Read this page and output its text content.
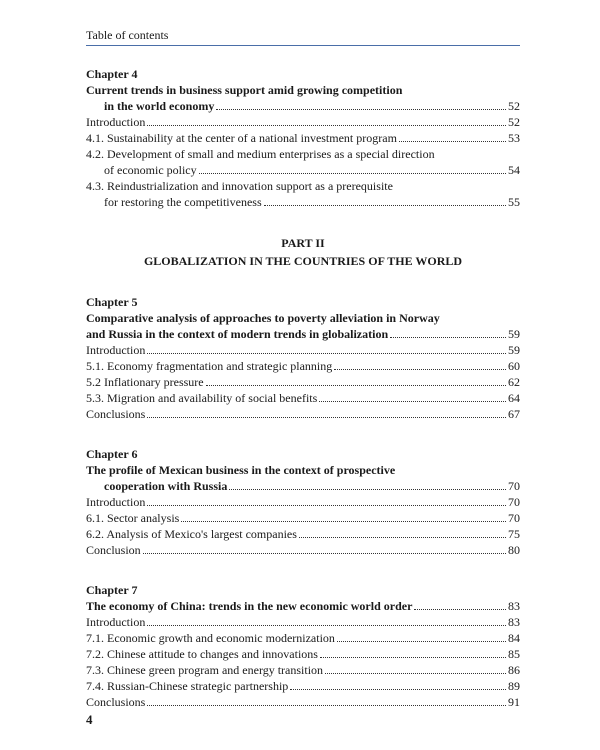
Table of contents
Chapter 4
Current trends in business support amid growing competition
in the world economy	52
Introduction	52
4.1. Sustainability at the center of a national investment program	53
4.2. Development of small and medium enterprises as a special direction
of economic policy	54
4.3. Reindustrialization and innovation support as a prerequisite
for restoring the competitiveness	55
PART II
GLOBALIZATION IN THE COUNTRIES OF THE WORLD
Chapter 5
Comparative analysis of approaches to poverty alleviation in Norway
and Russia in the context of modern trends in globalization	59
Introduction	59
5.1. Economy fragmentation and strategic planning	60
5.2 Inflationary pressure	62
5.3. Migration and availability of social benefits	64
Conclusions	67
Chapter 6
The profile of Mexican business in the context of prospective
cooperation with Russia	70
Introduction	70
6.1. Sector analysis	70
6.2. Analysis of Mexico's largest companies	75
Conclusion	80
Chapter 7
The economy of China: trends in the new economic world order	83
Introduction	83
7.1. Economic growth and economic modernization	84
7.2. Chinese attitude to changes and innovations	85
7.3. Chinese green program and energy transition	86
7.4. Russian-Chinese strategic partnership	89
Conclusions	91
4
